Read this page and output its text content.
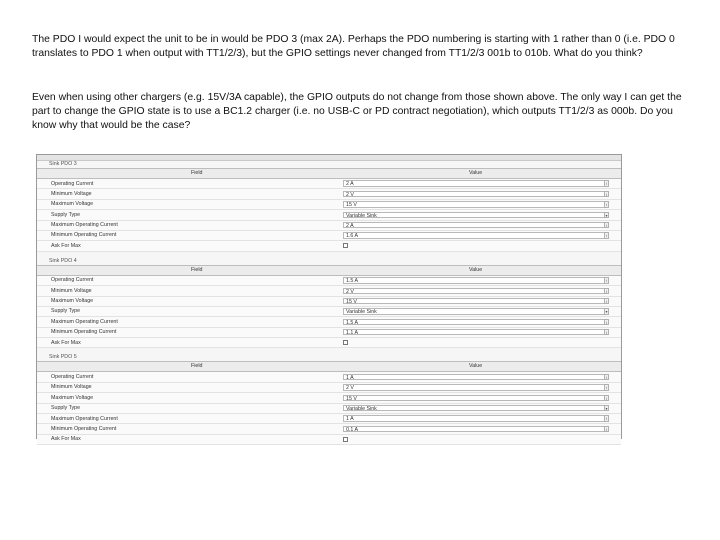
The PDO I would expect the unit to be in would be PDO 3 (max 2A). Perhaps the PDO numbering is starting with 1 rather than 0 (i.e. PDO 0 translates to PDO 1 when output with TT1/2/3), but the GPIO settings never changed from TT1/2/3 001b to 010b. What do you think?

Even when using other chargers (e.g. 15V/3A capable), the GPIO outputs do not change from those shown above. The only way I can get the part to change the GPIO state is to use a BC1.2 charger (i.e. no USB-C or PD contract negotiation), which outputs TT1/2/3 as 000b. Do you know why that would be the case?

Sink PDO 3
Field	Value
Operating Current	2 A	↕
Minimum Voltage	2 V	↕
Maximum Voltage	15 V	↕
Supply Type	Variable Sink	▾
Maximum Operating Current	2 A	↕
Minimum Operating Current	1.6 A	↕
Ask For Max
Sink PDO 4
Field	Value
Operating Current	1.5 A	↕
Minimum Voltage	2 V	↕
Maximum Voltage	15 V	↕
Supply Type	Variable Sink	▾
Maximum Operating Current	1.5 A	↕
Minimum Operating Current	1.1 A	↕
Ask For Max
Sink PDO 5
Field	Value
Operating Current	1 A	↕
Minimum Voltage	2 V	↕
Maximum Voltage	15 V	↕
Supply Type	Variable Sink	▾
Maximum Operating Current	1 A	↕
Minimum Operating Current	0.1 A	↕
Ask For Max
